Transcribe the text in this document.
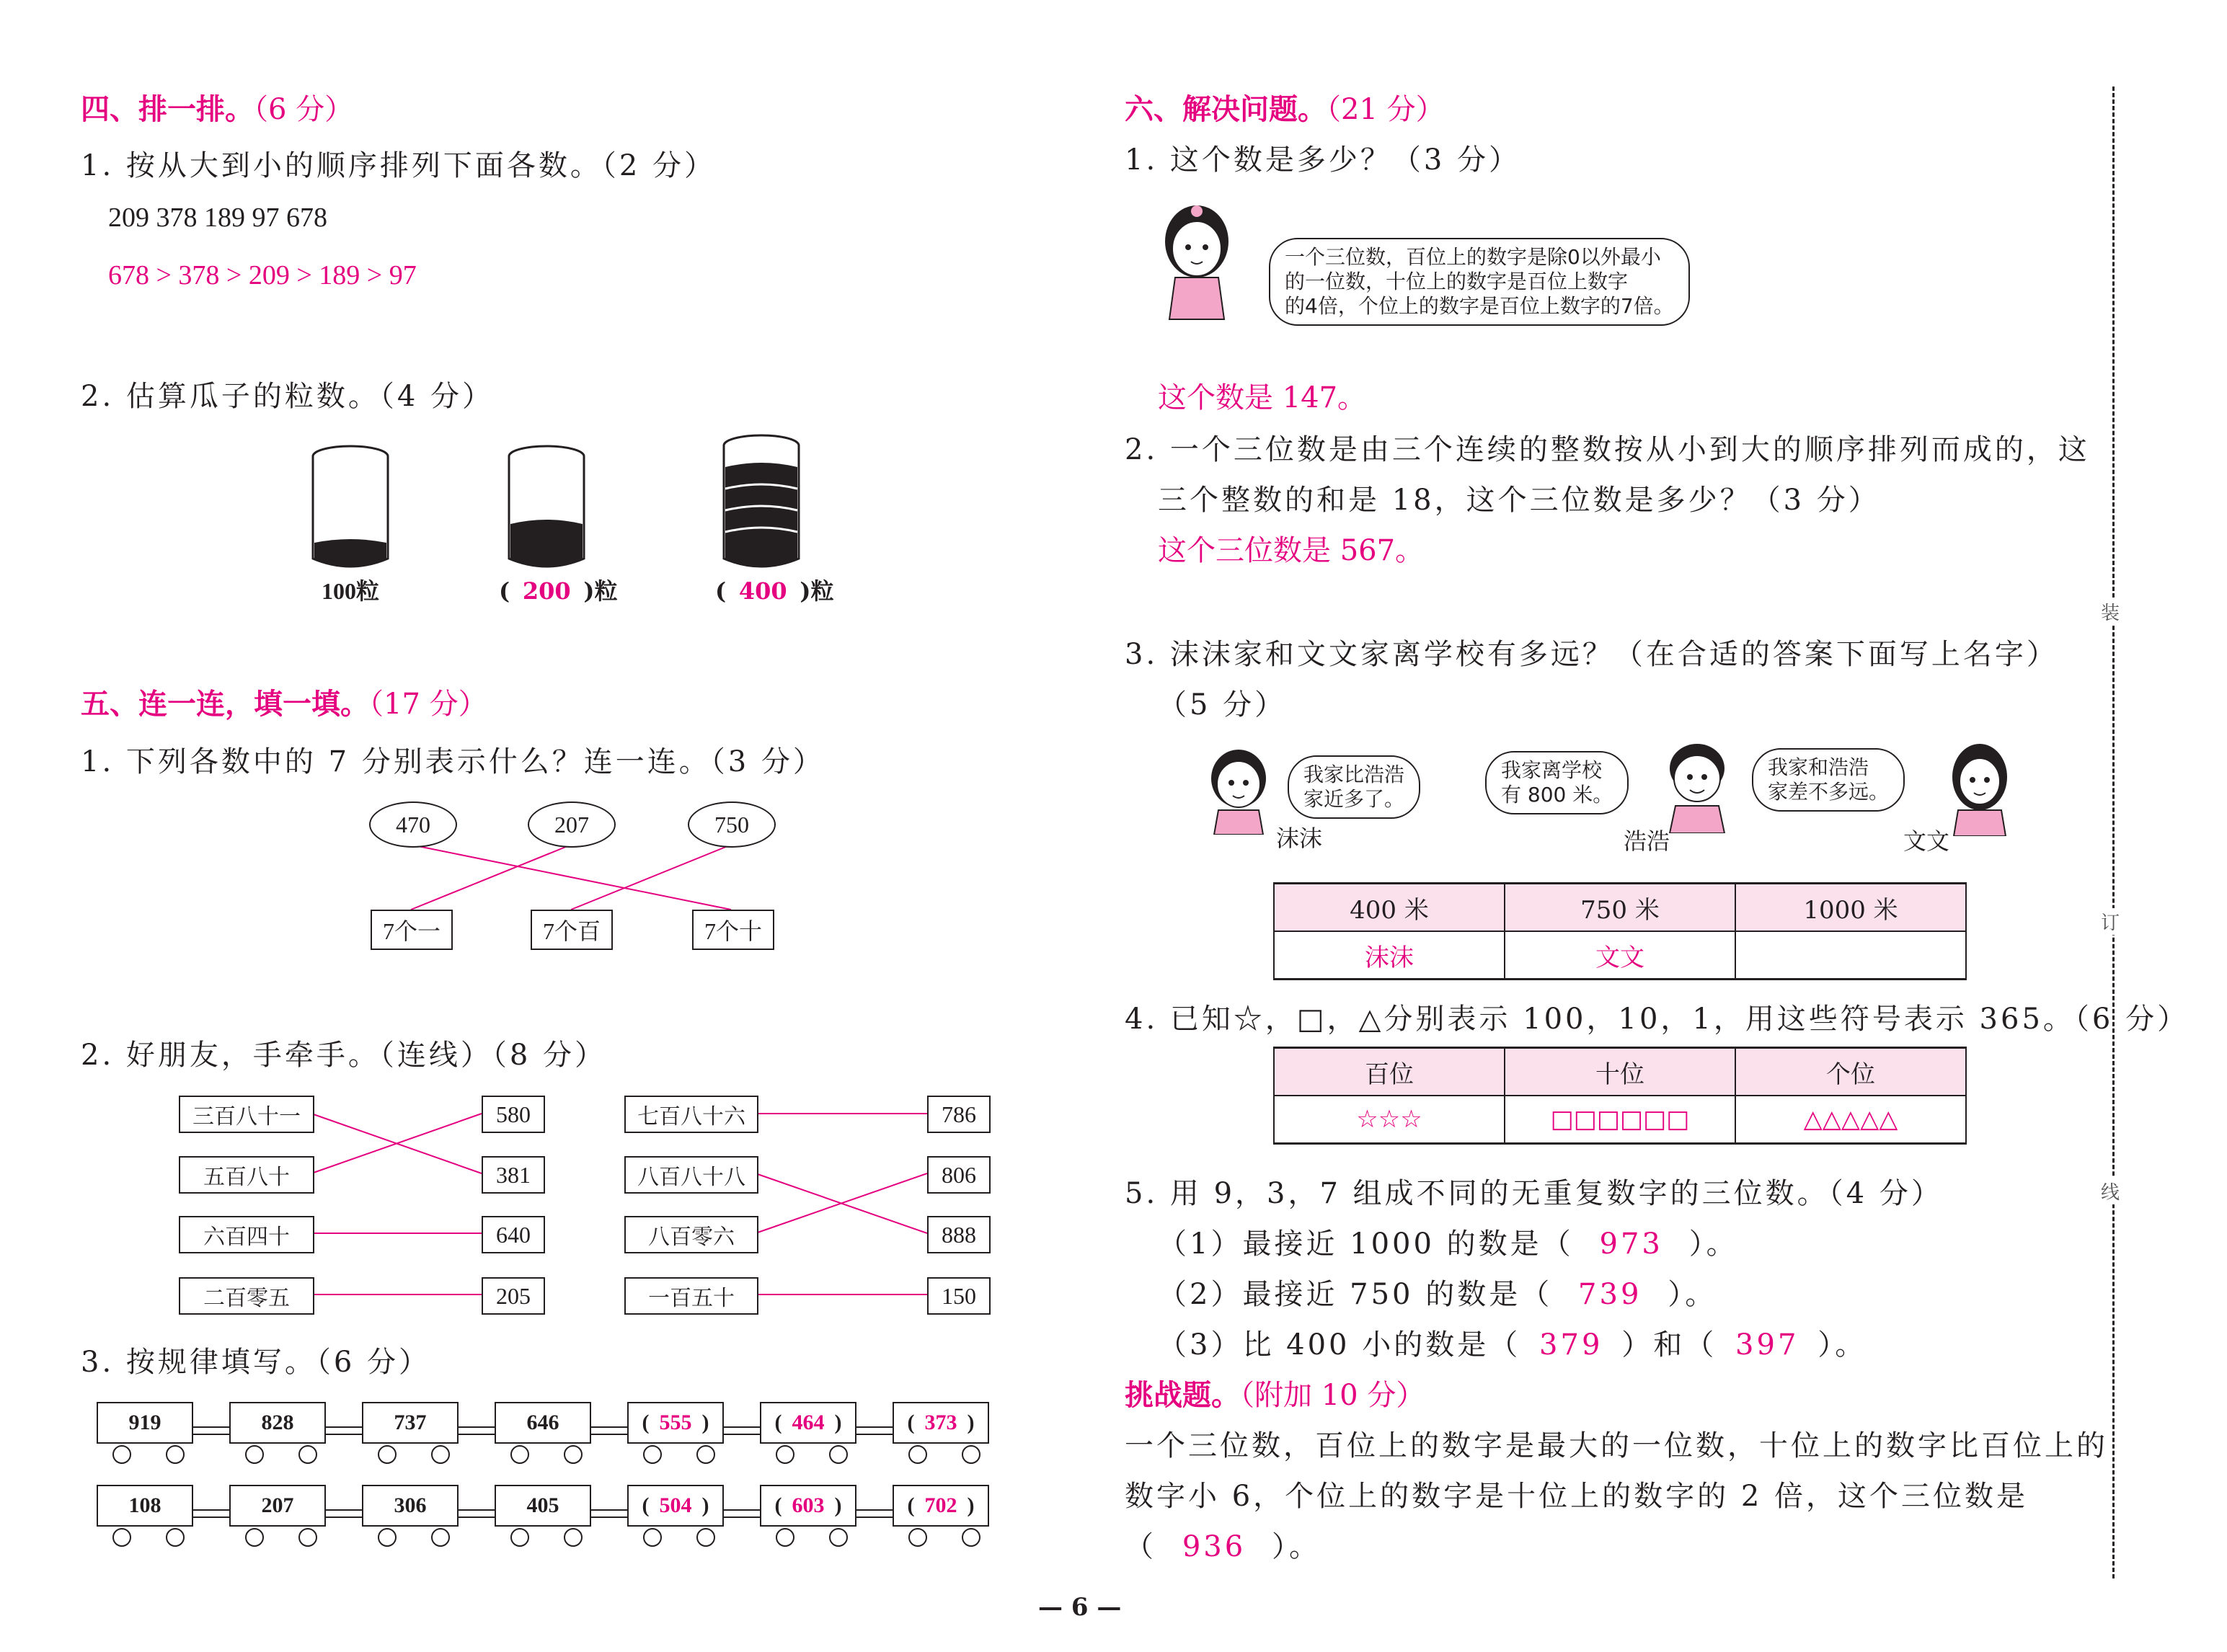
四、排一排。（6 分）
1. 按从大到小的顺序排列下面各数。（2 分）
209 378 189 97 678
678 > 378 > 209 > 189 > 97
2. 估算瓜子的粒数。（4 分）
100粒	( 200 )粒	( 400 )粒
五、连一连，填一填。（17 分）
1. 下列各数中的 7 分别表示什么？连一连。（3 分）
470	207	750
7个一	7个百	7个十
2. 好朋友，手牵手。（连线）（8 分）
三百八十一
五百八十
六百四十
二百零五
580
381
640
205
七百八十六
八百八十八
八百零六
一百五十
786
806
888
150
3. 按规律填写。（6 分）
919	828	737	646	( 555 )	( 464 )	( 373 )
108	207	306	405	( 504 )	( 603 )	( 702 )
六、解决问题。（21 分）
1. 这个数是多少？（3 分）
一个三位数，百位上的数字是除0以外最小
的一位数，十位上的数字是百位上数字
的4倍，个位上的数字是百位上数字的7倍。
这个数是 147。
2. 一个三位数是由三个连续的整数按从小到大的顺序排列而成的，这
三个整数的和是 18，这个三位数是多少？（3 分）
这个三位数是 567。
3. 沫沫家和文文家离学校有多远？（在合适的答案下面写上名字）
（5 分）
我家比浩浩
家近多了。
沫沫
我家离学校
有 800 米。
浩浩
我家和浩浩
家差不多远。
文文
400 米	750 米	1000 米
沫沫	文文	
4. 已知☆，□，△分别表示 100，10，1，用这些符号表示 365。（6 分）
百位	十位	个位
☆☆☆	□□□□□□	△△△△△
5. 用 9，3，7 组成不同的无重复数字的三位数。（4 分）
（1）最接近 1000 的数是（ 973 ）。
（2）最接近 750 的数是（ 739 ）。
（3）比 400 小的数是（ 379 ）和（ 397 ）。
挑战题。（附加 10 分）
一个三位数，百位上的数字是最大的一位数，十位上的数字比百位上的
数字小 6，个位上的数字是十位上的数字的 2 倍，这个三位数是
（ 936 ）。
装
订
线
— 6 —
